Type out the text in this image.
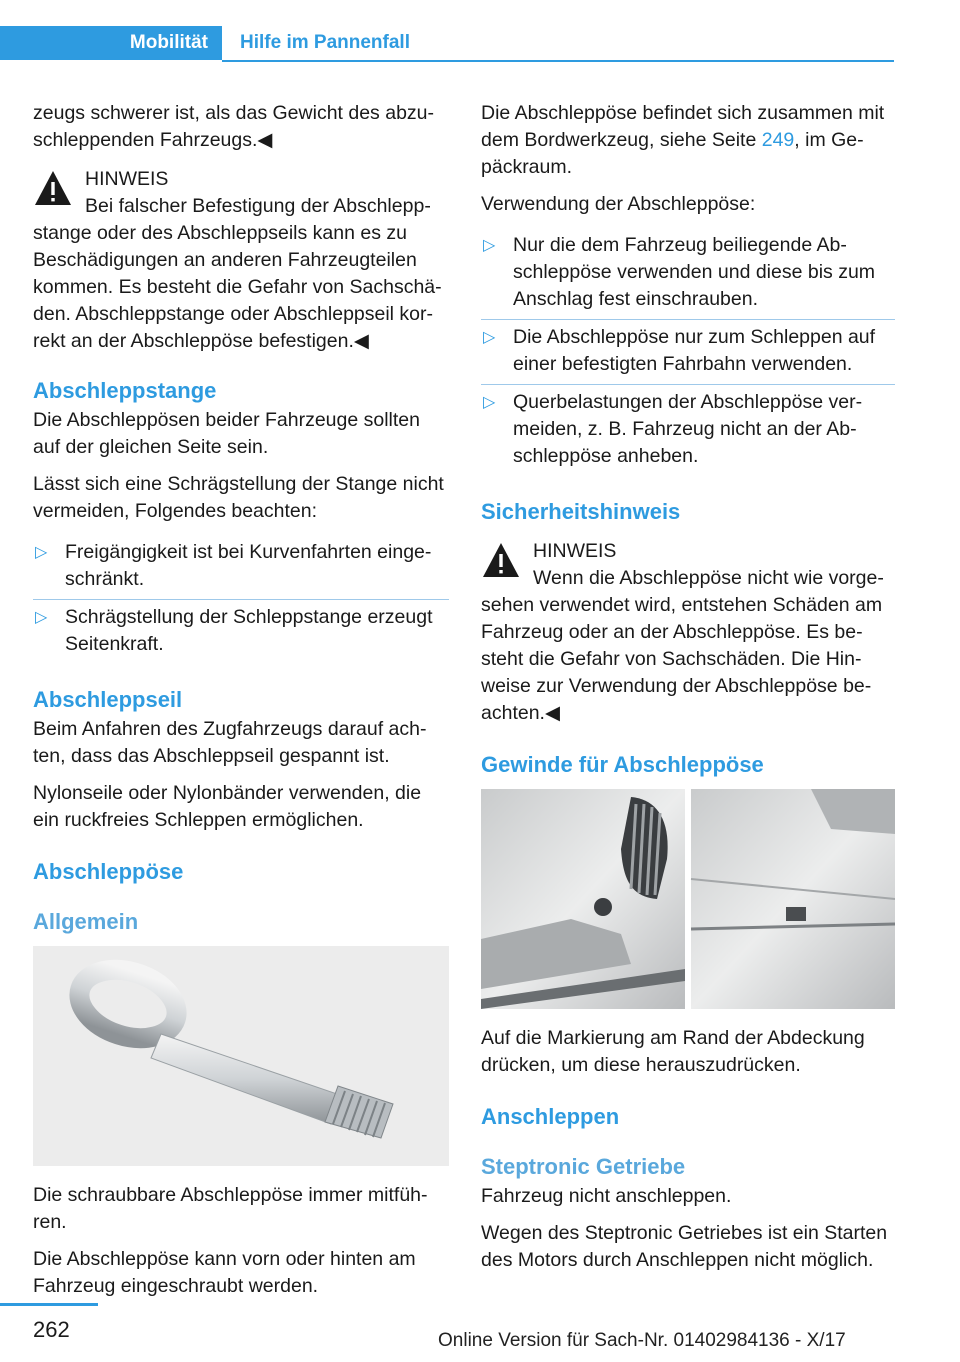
Mobilität	Hilfe im Pannenfall

zeugs schwerer ist, als das Gewicht des abzuschleppenden Fahrzeugs.◀

HINWEIS
Bei falscher Befestigung der Abschleppstange oder des Abschleppseils kann es zu Beschädigungen an anderen Fahrzeugteilen kommen. Es besteht die Gefahr von Sachschäden. Abschleppstange oder Abschleppseil korrekt an der Abschleppöse befestigen.◀
Abschleppstange

Die Abschleppösen beider Fahrzeuge sollten auf der gleichen Seite sein.

Lässt sich eine Schrägstellung der Stange nicht vermeiden, Folgendes beachten:

▷ Freigängigkeit ist bei Kurvenfahrten eingeschränkt.
▷ Schrägstellung der Schleppstange erzeugt Seitenkraft.
Abschleppseil

Beim Anfahren des Zugfahrzeugs darauf achten, dass das Abschleppseil gespannt ist.

Nylonseile oder Nylonbänder verwenden, die ein ruckfreies Schleppen ermöglichen.

Abschleppöse
Allgemein

Die schraubbare Abschleppöse immer mitführen.

Die Abschleppöse kann vorn oder hinten am Fahrzeug eingeschraubt werden.

Die Abschleppöse befindet sich zusammen mit dem Bordwerkzeug, siehe Seite 249, im Gepäckraum.

Verwendung der Abschleppöse:

▷ Nur die dem Fahrzeug beiliegende Abschleppöse verwenden und diese bis zum Anschlag fest einschrauben.
▷ Die Abschleppöse nur zum Schleppen auf einer befestigten Fahrbahn verwenden.
▷ Querbelastungen der Abschleppöse vermeiden, z. B. Fahrzeug nicht an der Abschleppöse anheben.
Sicherheitshinweis
HINWEIS
Wenn die Abschleppöse nicht wie vorgesehen verwendet wird, entstehen Schäden am Fahrzeug oder an der Abschleppöse. Es besteht die Gefahr von Sachschäden. Die Hinweise zur Verwendung der Abschleppöse beachten.◀
Gewinde für Abschleppöse

Auf die Markierung am Rand der Abdeckung drücken, um diese herauszudrücken.

Anschleppen
Steptronic Getriebe

Fahrzeug nicht anschleppen.

Wegen des Steptronic Getriebes ist ein Starten des Motors durch Anschleppen nicht möglich.

262	Online Version für Sach-Nr. 01402984136 - X/17
